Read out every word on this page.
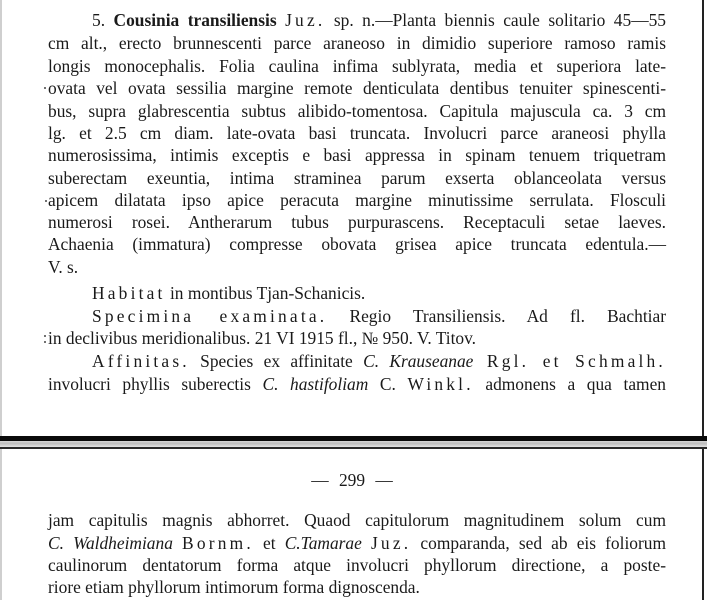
5. Cousinia transiliensis Juz. sp. n.—Planta biennis caule solitario 45—55
cm alt., erecto brunnescenti parce araneoso in dimidio superiore ramoso ramis
longis monocephalis. Folia caulina infima sublyrata, media et superiora late-
ovata vel ovata sessilia margine remote denticulata dentibus tenuiter spinescenti-
bus, supra glabrescentia subtus alibido-tomentosa. Capitula majuscula ca. 3 cm
lg. et 2.5 cm diam. late-ovata basi truncata. Involucri parce araneosi phylla
numerosissima, intimis exceptis e basi appressa in spinam tenuem triquetram
suberectam exeuntia, intima straminea parum exserta oblanceolata versus
apicem dilatata ipso apice peracuta margine minutissime serrulata. Flosculi
numerosi rosei. Antherarum tubus purpurascens. Receptaculi setae laeves.
Achaenia (immatura) compresse obovata grisea apice truncata edentula.—
V. s.
Habitat in montibus Tjan-Schanicis.
Specimina examinata. Regio Transiliensis. Ad fl. Bachtiar
in declivibus meridionalibus. 21 VI 1915 fl., № 950. V. Titov.
Affinitas. Species ex affinitate C. Krauseanae Rgl. et Schmalh.
involucri phyllis suberectis C. hastifoliam C. Winkl. admonens a qua tamen
— 299 —
jam capitulis magnis abhorret. Quaod capitulorum magnitudinem solum cum
C. Waldheimiana Bornm. et C.Tamarae Juz. comparanda, sed ab eis foliorum
caulinorum dentatorum forma atque involucri phyllorum directione, a poste-
riore etiam phyllorum intimorum forma dignoscenda.
